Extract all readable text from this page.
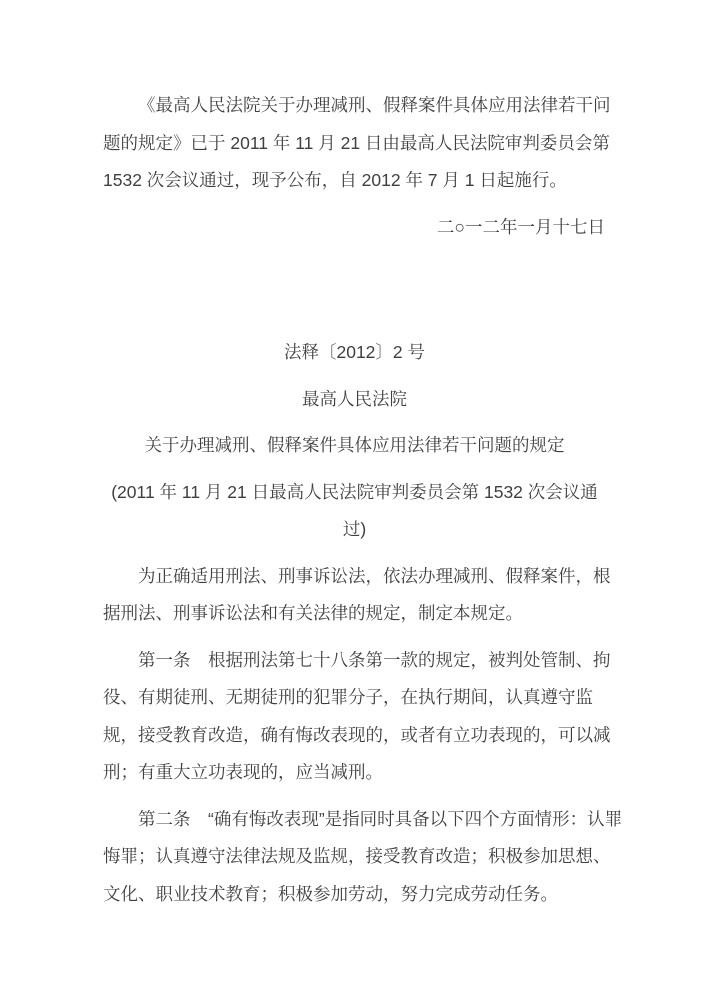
《最高人民法院关于办理减刑、假释案件具体应用法律若干问题的规定》已于 2011 年 11 月 21 日由最高人民法院审判委员会第 1532 次会议通过，现予公布，自 2012 年 7 月 1 日起施行。

二○一二年一月十七日

法释〔2012〕2 号

最高人民法院

关于办理减刑、假释案件具体应用法律若干问题的规定

(2011 年 11 月 21 日最高人民法院审判委员会第 1532 次会议通过)

为正确适用刑法、刑事诉讼法，依法办理减刑、假释案件，根据刑法、刑事诉讼法和有关法律的规定，制定本规定。

第一条　根据刑法第七十八条第一款的规定，被判处管制、拘役、有期徒刑、无期徒刑的犯罪分子，在执行期间，认真遵守监规，接受教育改造，确有悔改表现的，或者有立功表现的，可以减刑；有重大立功表现的，应当减刑。

第二条　“确有悔改表现”是指同时具备以下四个方面情形：认罪悔罪；认真遵守法律法规及监规，接受教育改造；积极参加思想、文化、职业技术教育；积极参加劳动，努力完成劳动任务。
